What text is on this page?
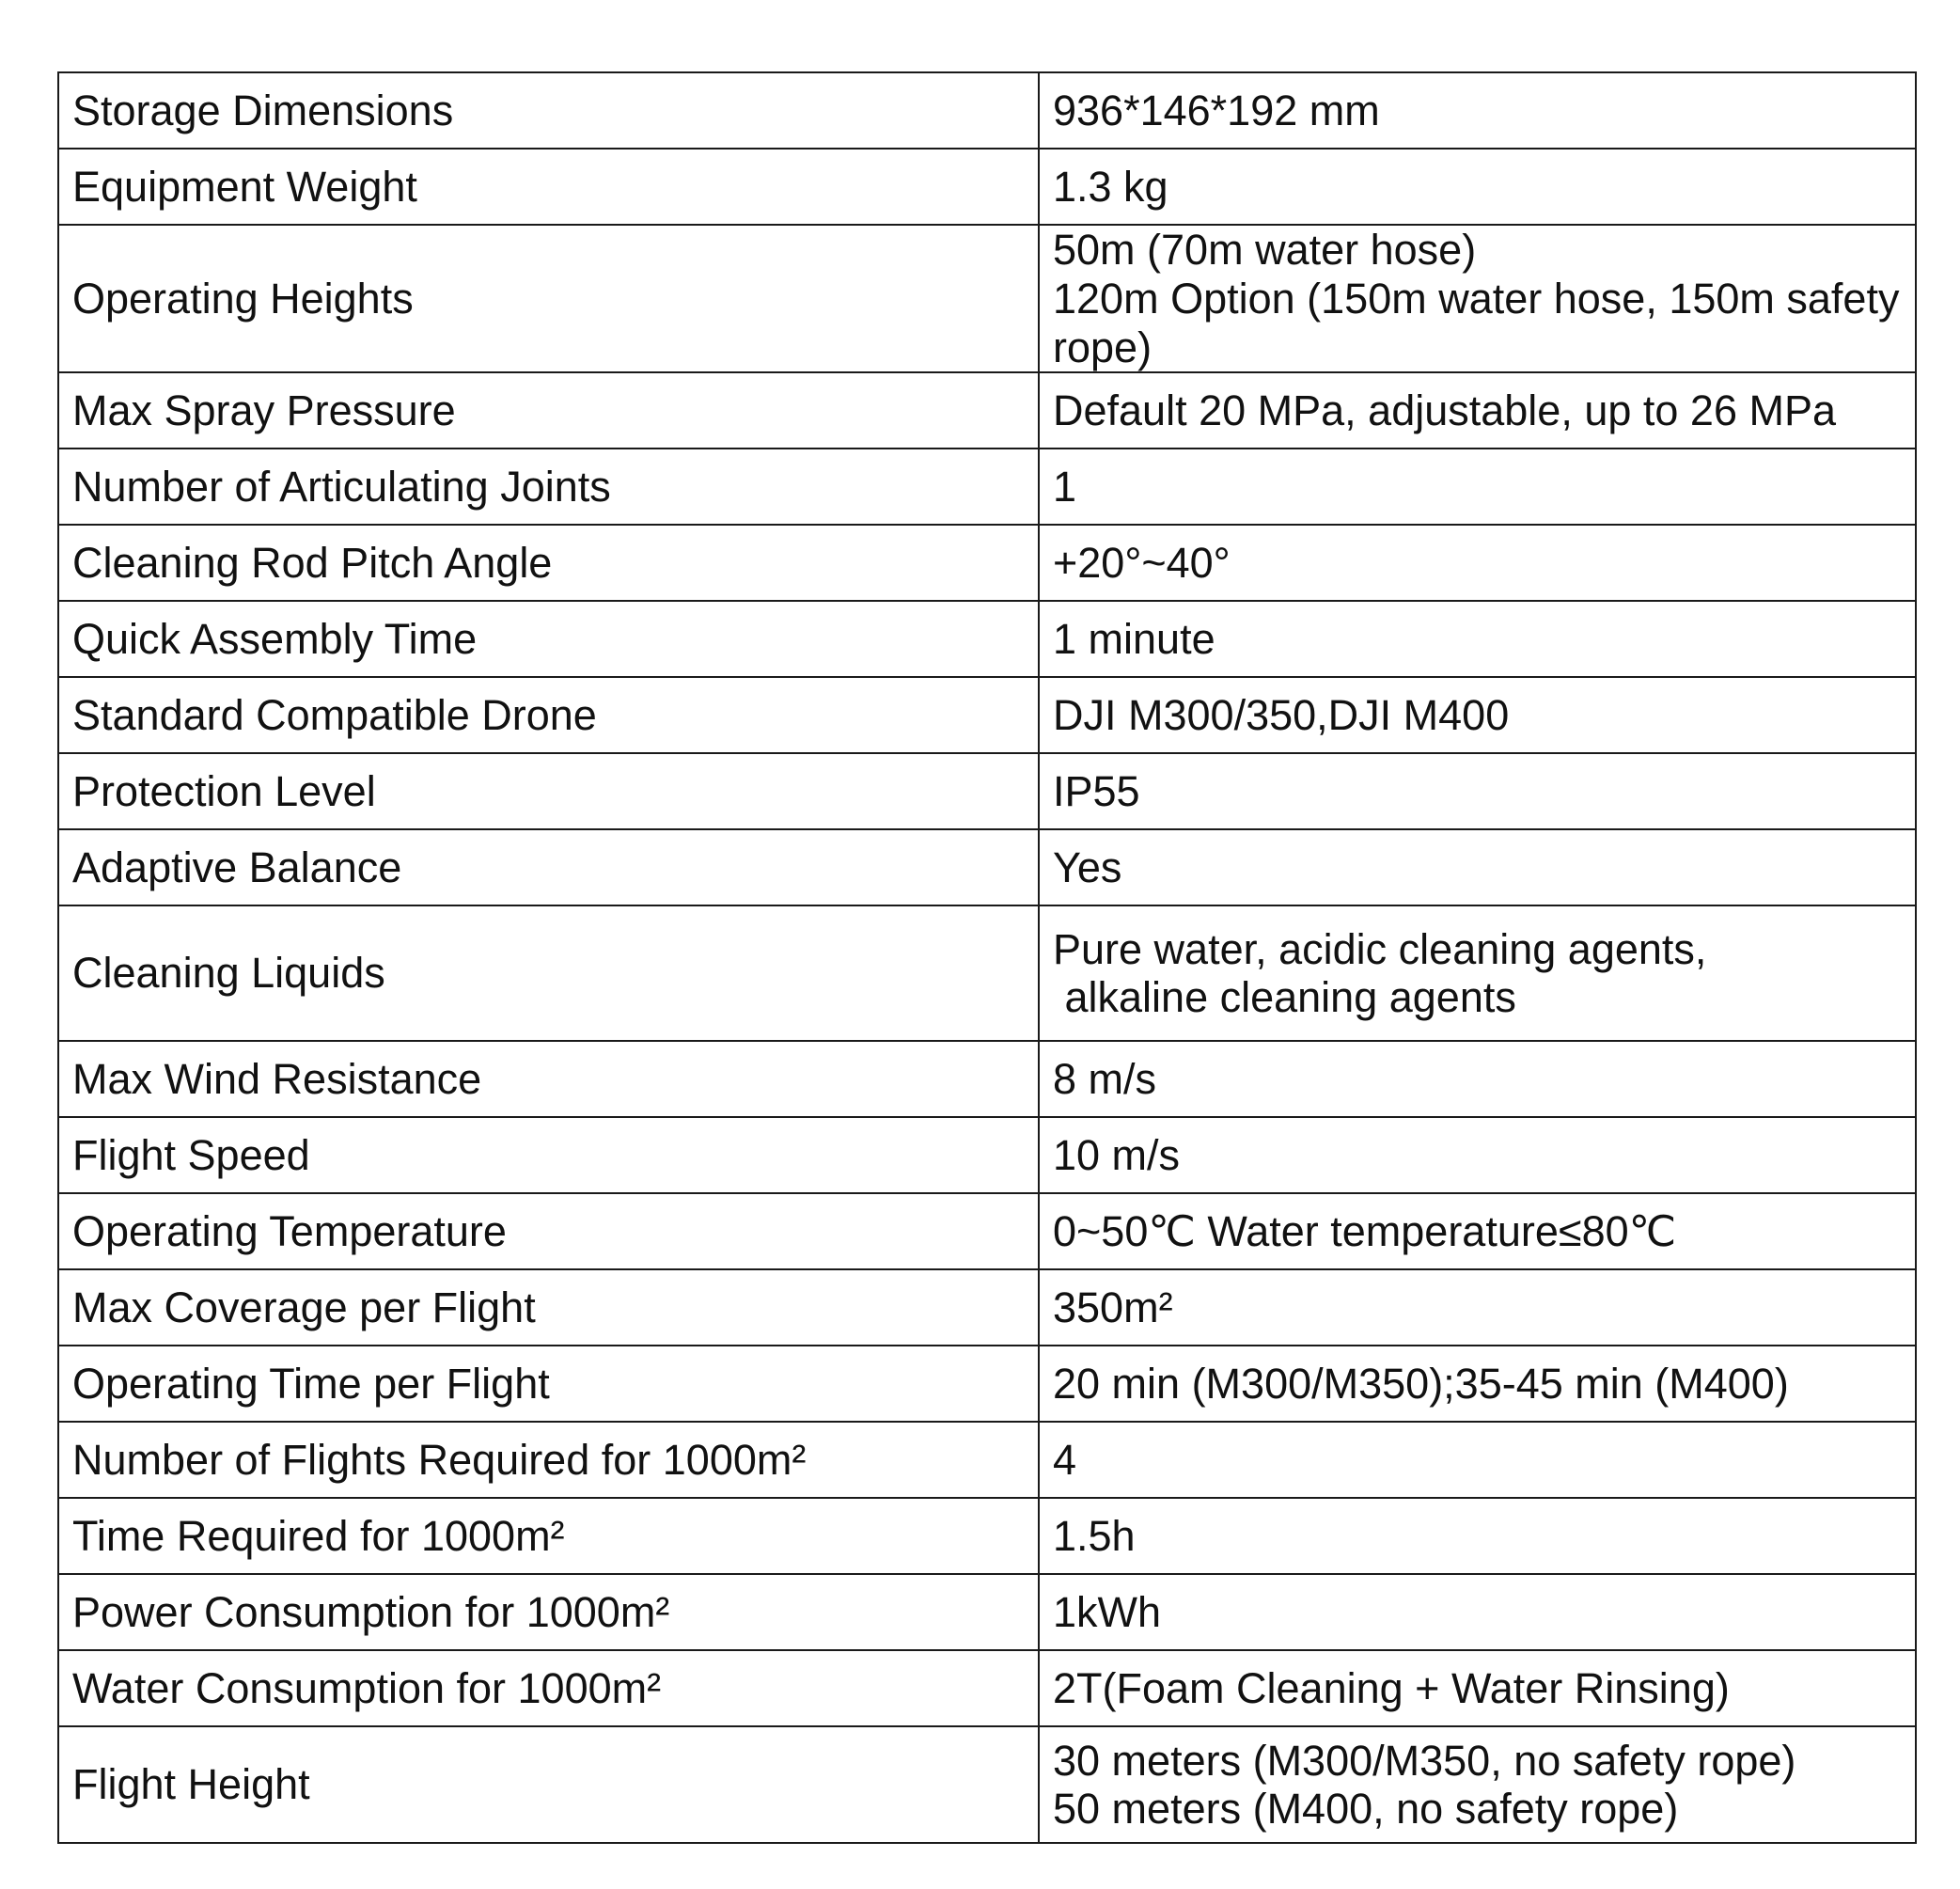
Storage Dimensions	936*146*192 mm

Equipment Weight	1.3 kg

Operating Heights	50m (70m water hose)
120m Option (150m water hose, 150m safety rope)

Max Spray Pressure	Default 20 MPa, adjustable, up to 26 MPa

Number of Articulating Joints	1

Cleaning Rod Pitch Angle	+20°~40°

Quick Assembly Time	1 minute

Standard Compatible Drone	DJI M300/350,DJI M400

Protection Level	IP55

Adaptive Balance	Yes

Cleaning Liquids	Pure water, acidic cleaning agents,
alkaline cleaning agents

Max Wind Resistance	8 m/s

Flight Speed	10 m/s

Operating Temperature	0~50℃ Water temperature≤80℃

Max Coverage per Flight	350m²

Operating Time per Flight	20 min (M300/M350);35-45 min (M400)

Number of Flights Required for 1000m²	4

Time Required for 1000m²	1.5h

Power Consumption for 1000m²	1kWh

Water Consumption for 1000m²	2T(Foam Cleaning + Water Rinsing)

Flight Height	30 meters (M300/M350, no safety rope)
50 meters (M400, no safety rope)
